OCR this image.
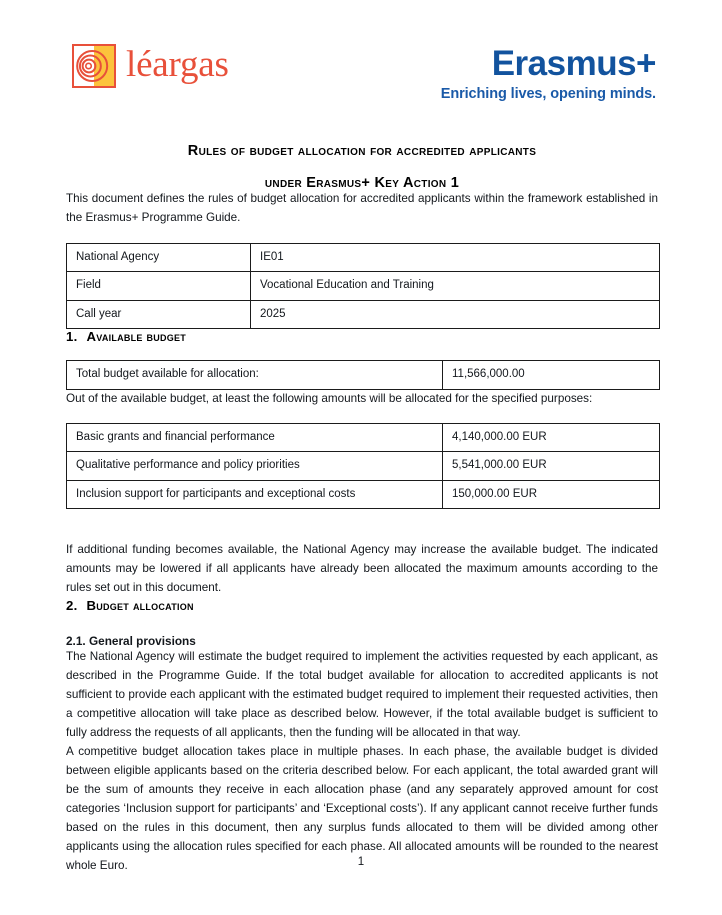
léargas	Erasmus+
Enriching lives, opening minds.
Rules of budget allocation for accredited applicants
under Erasmus+ Key Action 1

This document defines the rules of budget allocation for accredited applicants within the framework established in the Erasmus+ Programme Guide.

National Agency	IE01
Field	Vocational Education and Training
Call year	2025
1. Available budget
Total budget available for allocation:	11,566,000.00

Out of the available budget, at least the following amounts will be allocated for the specified purposes:

Basic grants and financial performance	4,140,000.00 EUR
Qualitative performance and policy priorities	5,541,000.00 EUR
Inclusion support for participants and exceptional costs	150,000.00 EUR

If additional funding becomes available, the National Agency may increase the available budget. The indicated amounts may be lowered if all applicants have already been allocated the maximum amounts according to the rules set out in this document.

2. Budget allocation
2.1. General provisions

The National Agency will estimate the budget required to implement the activities requested by each applicant, as described in the Programme Guide. If the total budget available for allocation to accredited applicants is not sufficient to provide each applicant with the estimated budget required to implement their requested activities, then a competitive allocation will take place as described below. However, if the total available budget is sufficient to fully address the requests of all applicants, then the funding will be allocated in that way.

A competitive budget allocation takes place in multiple phases. In each phase, the available budget is divided between eligible applicants based on the criteria described below. For each applicant, the total awarded grant will be the sum of amounts they receive in each allocation phase (and any separately approved amount for cost categories ‘Inclusion support for participants’ and ‘Exceptional costs’). If any applicant cannot receive further funds based on the rules in this document, then any surplus funds allocated to them will be divided among other applicants using the allocation rules specified for each phase. All allocated amounts will be rounded to the nearest whole Euro.	1
